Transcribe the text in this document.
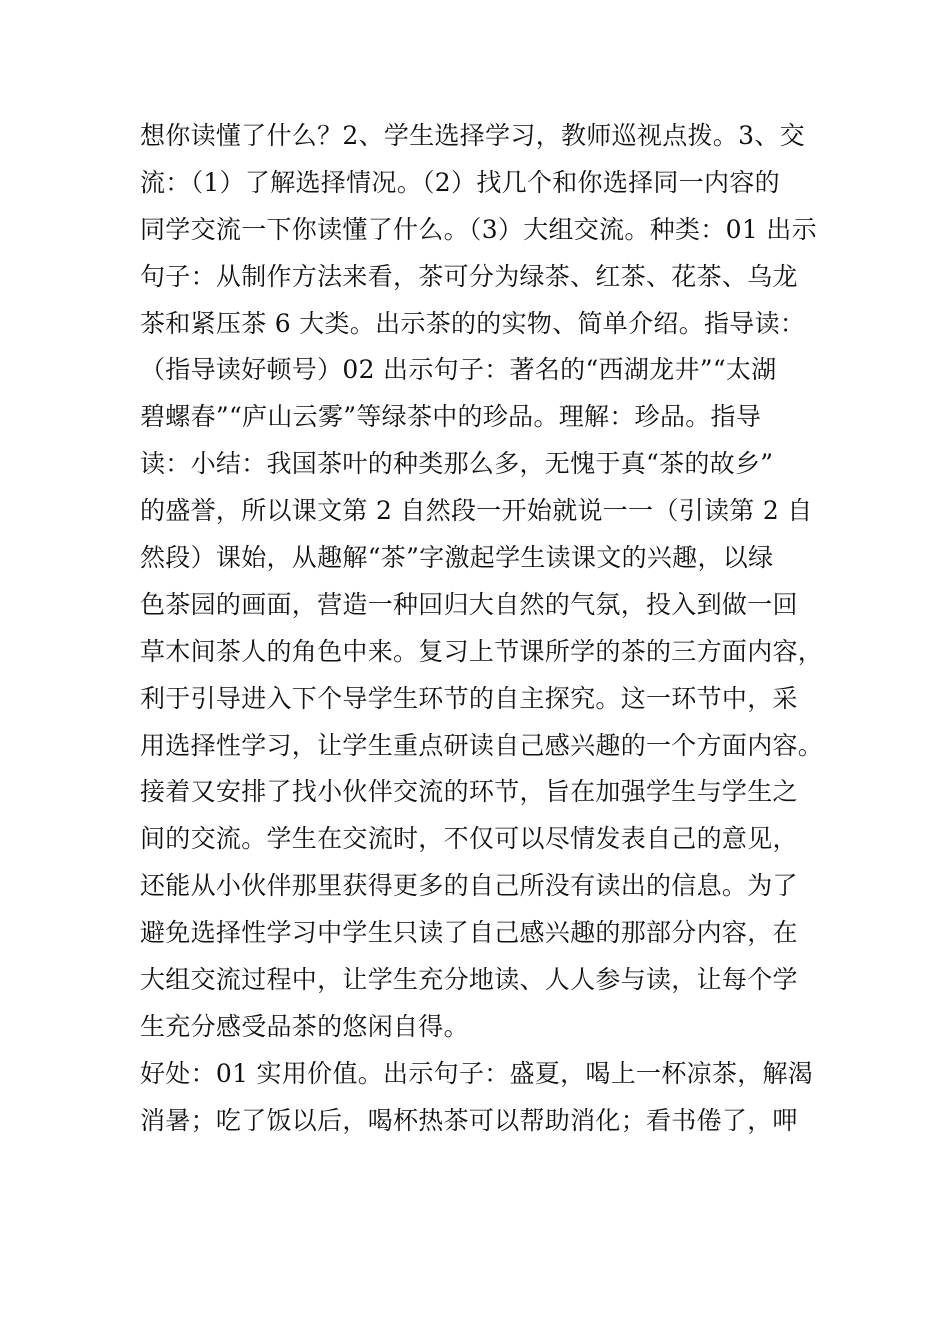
想你读懂了什么？2、学生选择学习，教师巡视点拨。3、交
流：（1）了解选择情况。（2）找几个和你选择同一内容的
同学交流一下你读懂了什么。（3）大组交流。种类：01 出示
句子：从制作方法来看，茶可分为绿茶、红茶、花茶、乌龙
茶和紧压茶 6 大类。出示茶的的实物、简单介绍。指导读：
（指导读好顿号）02 出示句子：著名的“西湖龙井”“太湖
碧螺春”“庐山云雾”等绿茶中的珍品。理解：珍品。指导
读：小结：我国茶叶的种类那么多，无愧于真“茶的故乡”
的盛誉，所以课文第 2 自然段一开始就说一一（引读第 2 自
然段）课始，从趣解“茶”字激起学生读课文的兴趣，以绿
色茶园的画面，营造一种回归大自然的气氛，投入到做一回
草木间茶人的角色中来。复习上节课所学的茶的三方面内容，
利于引导进入下个导学生环节的自主探究。这一环节中，采
用选择性学习，让学生重点研读自己感兴趣的一个方面内容。
接着又安排了找小伙伴交流的环节，旨在加强学生与学生之
间的交流。学生在交流时，不仅可以尽情发表自己的意见，
还能从小伙伴那里获得更多的自己所没有读出的信息。为了
避免选择性学习中学生只读了自己感兴趣的那部分内容，在
大组交流过程中，让学生充分地读、人人参与读，让每个学
生充分感受品茶的悠闲自得。
好处：01 实用价值。出示句子：盛夏，喝上一杯凉茶，解渴
消暑；吃了饭以后，喝杯热茶可以帮助消化；看书倦了，呷
